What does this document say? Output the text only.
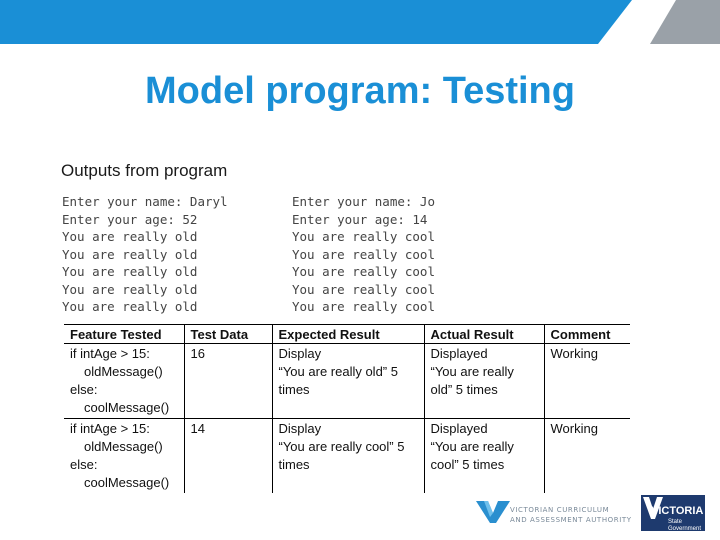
Model program: Testing
Outputs from program
Enter your name: Daryl
Enter your age: 52
You are really old
You are really old
You are really old
You are really old
You are really old
Enter your name: Jo
Enter your age: 14
You are really cool
You are really cool
You are really cool
You are really cool
You are really cool
Feature Tested	Test Data	Expected Result	Actual Result	Comment

if intAge > 15:
oldMessage()
else:
coolMessage()	16	Display
“You are really old” 5
times	Displayed
“You are really
old” 5 times	Working

if intAge > 15:
oldMessage()
else:
coolMessage()	14	Display
“You are really cool” 5
times	Displayed
“You are really
cool” 5 times	Working
VICTORIAN CURRICULUM
AND ASSESSMENT AUTHORITY
VICTORIA
State
Government
